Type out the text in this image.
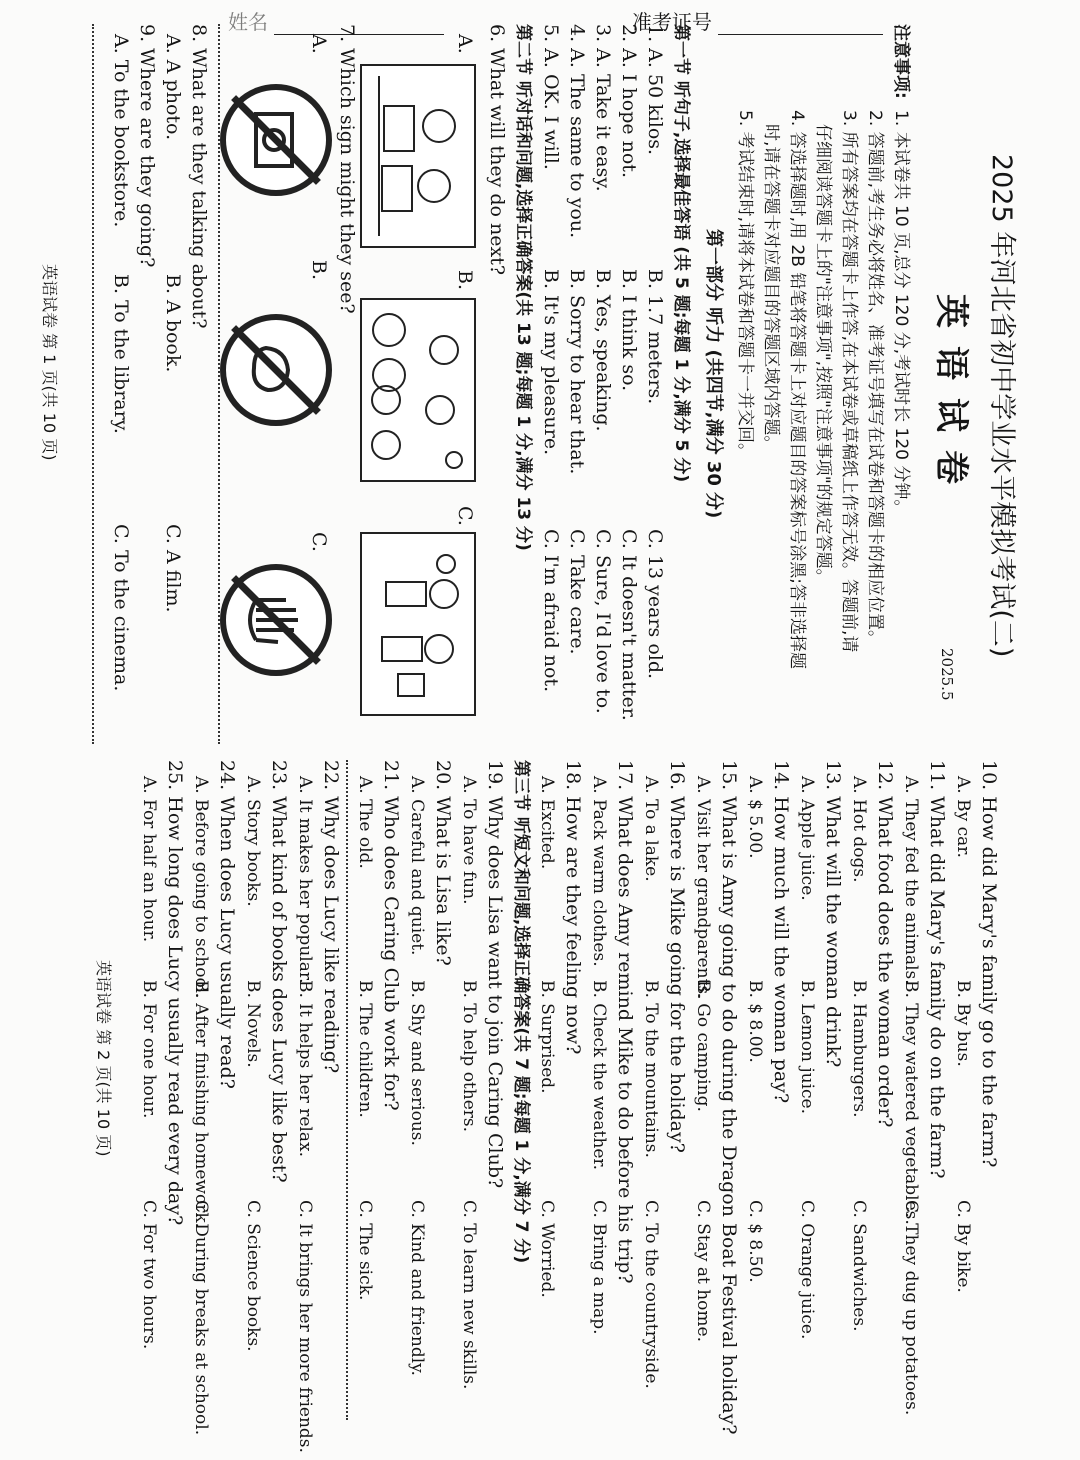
姓名	准考证号
2025 年河北省初中学业水平模拟考试(二)
英语试卷
2025.5
注意事项:
1. 本试卷共 10 页,总分 120 分,考试时长 120 分钟。
2. 答题前,考生务必将姓名、准考证号填写在试卷和答题卡的相应位置。
3. 所有答案均在答题卡上作答,在本试卷或草稿纸上作答无效。答题前,请
仔细阅读答题卡上的"注意事项",按照"注意事项"的规定答题。
4. 答选择题时,用 2B 铅笔将答题卡上对应题目的答案标号涂黑;答非选择题
时,请在答题卡对应题目的答题区域内答题。
5. 考试结束时,请将本试卷和答题卡一并交回。
第一部分 听力 (共四节,满分 30 分)
第一节 听句子,选择最佳答语 (共 5 题;每题 1 分,满分 5 分)
1. A. 50 kilos.
B. 1.7 meters.
C. 13 years old.
2. A. I hope not.
B. I think so.
C. It doesn't matter.
3. A. Take it easy.
B. Yes, speaking.
C. Sure, I'd love to.
4. A. The same to you.
B. Sorry to hear that.
C. Take care.
5. A. OK. I will.
B. It's my pleasure.
C. I'm afraid not.
第二节 听对话和问题,选择正确答案(共 13 题;每题 1 分,满分 13 分)
6. What will they do next?
A.
B.
C.
7. Which sign might they see?
A.
B.
C.
8. What are they talking about?
A. A photo.
B. A book.
C. A film.
9. Where are they going?
A. To the bookstore.
B. To the library.
C. To the cinema.
英语试卷 第 1 页(共 10 页)
10. How did Mary's family go to the farm?
A. By car.
B. By bus.
C. By bike.
11. What did Mary's family do on the farm?
A. They fed the animals.
B. They watered vegetables.
C. They dug up potatoes.
12. What food does the woman order?
A. Hot dogs.
B. Hamburgers.
C. Sandwiches.
13. What will the woman drink?
A. Apple juice.
B. Lemon juice.
C. Orange juice.
14. How much will the woman pay?
A. $ 5.00.
B. $ 8.00.
C. $ 8.50.
15. What is Amy going to do during the Dragon Boat Festival holiday?
A. Visit her grandparents.
B. Go camping.
C. Stay at home.
16. Where is Mike going for the holiday?
A. To a lake.
B. To the mountains.
C. To the countryside.
17. What does Amy remind Mike to do before his trip?
A. Pack warm clothes.
B. Check the weather.
C. Bring a map.
18. How are they feeling now?
A. Excited.
B. Surprised.
C. Worried.
第三节 听短文和问题,选择正确答案(共 7 题;每题 1 分,满分 7 分)
19. Why does Lisa want to join Caring Club?
A. To have fun.
B. To help others.
C. To learn new skills.
20. What is Lisa like?
A. Careful and quiet.
B. Shy and serious.
C. Kind and friendly.
21. Who does Caring Club work for?
A. The old.
B. The children.
C. The sick.
22. Why does Lucy like reading?
A. It makes her popular.
B. It helps her relax.
C. It brings her more friends.
23. What kind of books does Lucy like best?
A. Story books.
B. Novels.
C. Science books.
24. When does Lucy usually read?
A. Before going to school.
B. After finishing homework.
C. During breaks at school.
25. How long does Lucy usually read every day?
A. For half an hour.
B. For one hour.
C. For two hours.
英语试卷 第 2 页(共 10 页)
